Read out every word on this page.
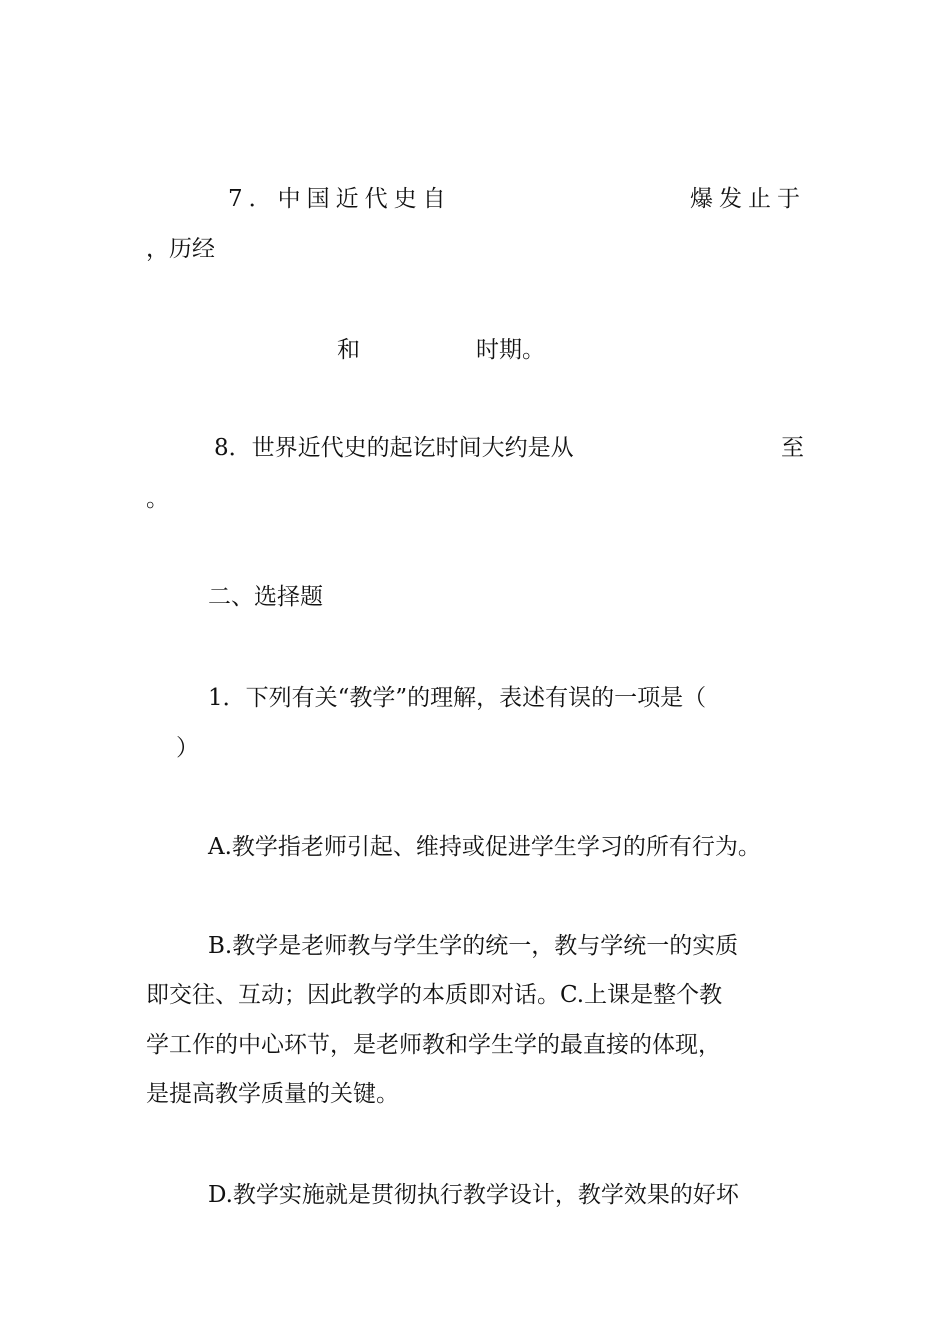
7．中国近代史自	爆发止于
，历经
和	时期。
8．世界近代史的起讫时间大约是从	至
。
二、选择题
1．下列有关“教学”的理解，表述有误的一项是（
）
A.教学指老师引起、维持或促进学生学习的所有行为。
B.教学是老师教与学生学的统一，教与学统一的实质
即交往、互动；因此教学的本质即对话。C.上课是整个教
学工作的中心环节，是老师教和学生学的最直接的体现，
是提高教学质量的关键。
D.教学实施就是贯彻执行教学设计，教学效果的好坏
